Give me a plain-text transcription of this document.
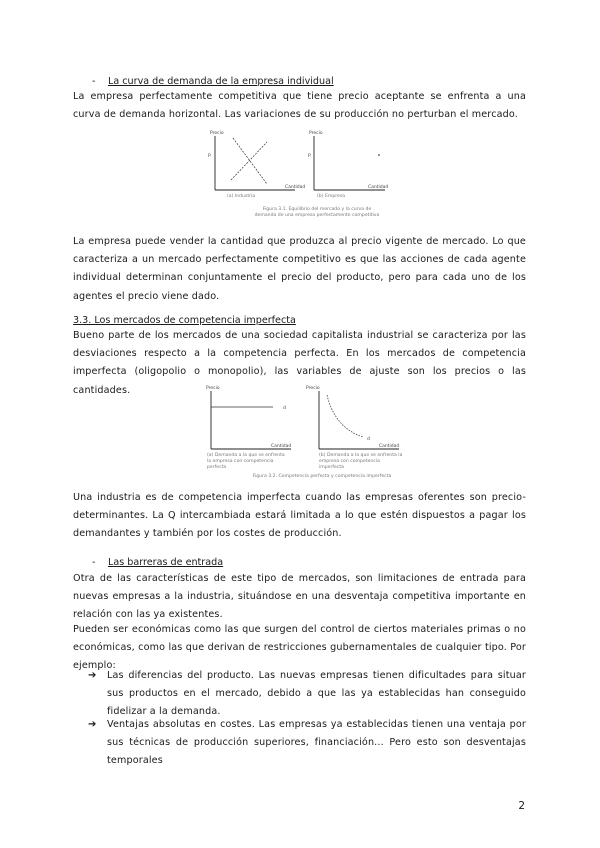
- La curva de demanda de la empresa individual

La empresa perfectamente competitiva que tiene precio aceptante se enfrenta a una curva de demanda horizontal. Las variaciones de su producción no perturban el mercado.

Precio
Cantidad
P
Precio
Cantidad
P
(a) Industria	(b) Empresa
Figura 3.1. Equilibrio del mercado y la curva de demanda de una empresa perfectamente competitiva

La empresa puede vender la cantidad que produzca al precio vigente de mercado. Lo que caracteriza a un mercado perfectamente competitivo es que las acciones de cada agente individual determinan conjuntamente el precio del producto, pero para cada uno de los agentes el precio viene dado.

3.3. Los mercados de competencia imperfecta

Bueno parte de los mercados de una sociedad capitalista industrial se caracteriza por las desviaciones respecto a la competencia perfecta. En los mercados de competencia imperfecta (oligopolio o monopolio), las variables de ajuste son los precios o las cantidades.	Precio
Cantidad
d
Precio
Cantidad
d
(a) Demanda a la que se enfrenta la empresa con competencia perfecta
(b) Demanda a la que se enfrenta la empresa con competencia imperfecta
Figura 3.2. Competencia perfecta y competencia imperfecta

Una industria es de competencia imperfecta cuando las empresas oferentes son precio-determinantes. La Q intercambiada estará limitada a lo que estén dispuestos a pagar los demandantes y también por los costes de producción.

- Las barreras de entrada

Otra de las características de este tipo de mercados, son limitaciones de entrada para nuevas empresas a la industria, situándose en una desventaja competitiva importante en relación con las ya existentes.

Pueden ser económicas como las que surgen del control de ciertos materiales primas o no económicas, como las que derivan de restricciones gubernamentales de cualquier tipo. Por ejemplo:

➔	Las diferencias del producto. Las nuevas empresas tienen dificultades para situar sus productos en el mercado, debido a que las ya establecidas han conseguido fidelizar a la demanda.
➔	Ventajas absolutas en costes. Las empresas ya establecidas tienen una ventaja por sus técnicas de producción superiores, financiación... Pero esto son desventajas temporales
2
